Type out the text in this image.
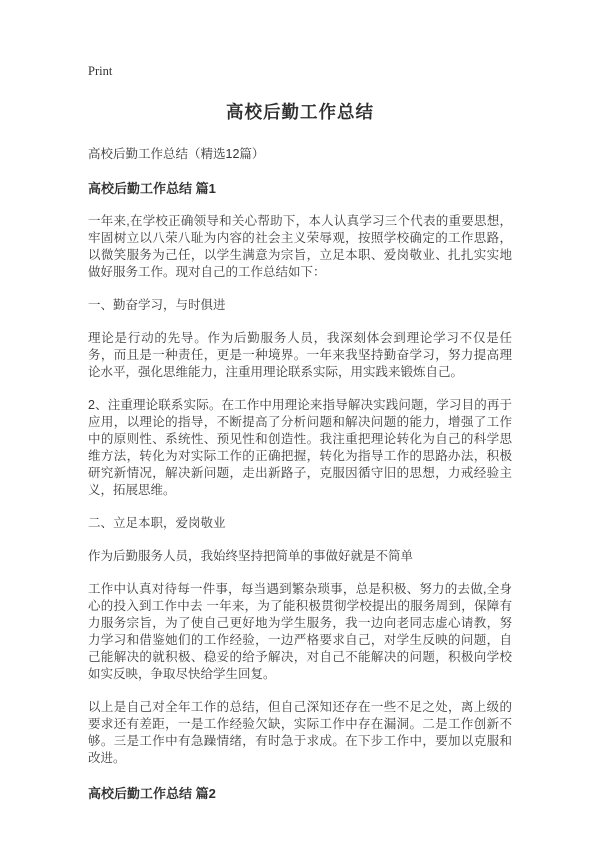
Print
高校后勤工作总结
高校后勤工作总结（精选12篇）
高校后勤工作总结 篇1

一年来,在学校正确领导和关心帮助下，本人认真学习三个代表的重要思想，牢固树立以八荣八耻为内容的社会主义荣辱观，按照学校确定的工作思路，以微笑服务为己任，以学生满意为宗旨，立足本职、爱岗敬业、扎扎实实地做好服务工作。现对自己的工作总结如下：

一、勤奋学习，与时俱进

理论是行动的先导。作为后勤服务人员，我深刻体会到理论学习不仅是任务，而且是一种责任，更是一种境界。一年来我坚持勤奋学习，努力提高理论水平，强化思维能力，注重用理论联系实际，用实践来锻炼自己。

2、注重理论联系实际。在工作中用理论来指导解决实践问题，学习目的再于应用，以理论的指导，不断提高了分析问题和解决问题的能力，增强了工作中的原则性、系统性、预见性和创造性。我注重把理论转化为自己的科学思维方法，转化为对实际工作的正确把握，转化为指导工作的思路办法，积极研究新情况，解决新问题，走出新路子，克服因循守旧的思想，力戒经验主义，拓展思维。

二、立足本职，爱岗敬业

作为后勤服务人员，我始终坚持把简单的事做好就是不简单

工作中认真对待每一件事，每当遇到繁杂琐事，总是积极、努力的去做,全身心的投入到工作中去 一年来，为了能积极贯彻学校提出的服务周到，保障有力服务宗旨，为了使自己更好地为学生服务，我一边向老同志虚心请教，努力学习和借鉴她们的工作经验，一边严格要求自己，对学生反映的问题，自己能解决的就积极、稳妥的给予解决，对自己不能解决的问题，积极向学校如实反映，争取尽快给学生回复。

以上是自己对全年工作的总结，但自己深知还存在一些不足之处，离上级的要求还有差距，一是工作经验欠缺，实际工作中存在漏洞。二是工作创新不够。三是工作中有急躁情绪，有时急于求成。在下步工作中，要加以克服和改进。

高校后勤工作总结 篇2
